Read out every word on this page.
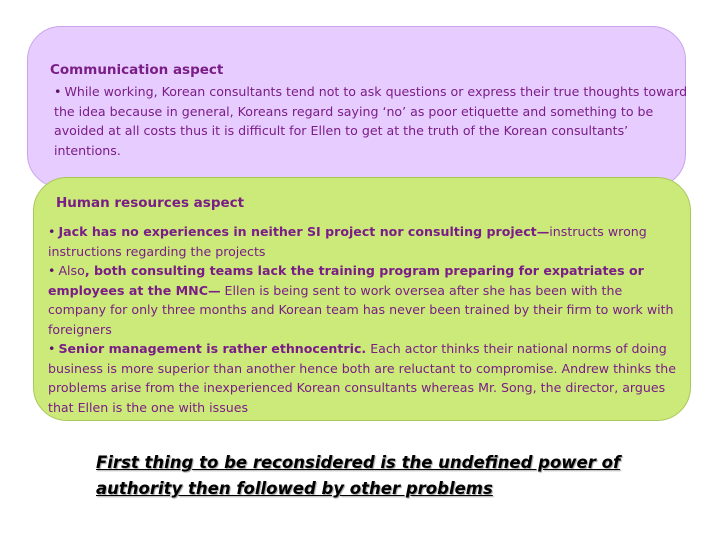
Communication aspect
• While working, Korean consultants tend not to ask questions or express their true thoughts toward the idea because in general, Koreans regard saying ‘no’ as poor etiquette and something to be avoided at all costs thus it is difficult for Ellen to get at the truth of the Korean consultants’ intentions.
Human resources aspect
• Jack has no experiences in neither SI project nor consulting project—instructs wrong instructions regarding the projects
• Also, both consulting teams lack the training program preparing for expatriates or employees at the MNC— Ellen is being sent to work oversea after she has been with the company for only three months and Korean team has never been trained by their firm to work with foreigners
• Senior management is rather ethnocentric. Each actor thinks their national norms of doing business is more superior than another hence both are reluctant to compromise. Andrew thinks the problems arise from the inexperienced Korean consultants whereas Mr. Song, the director, argues that Ellen is the one with issues
First thing to be reconsidered is the undefined power of authority then followed by other problems
